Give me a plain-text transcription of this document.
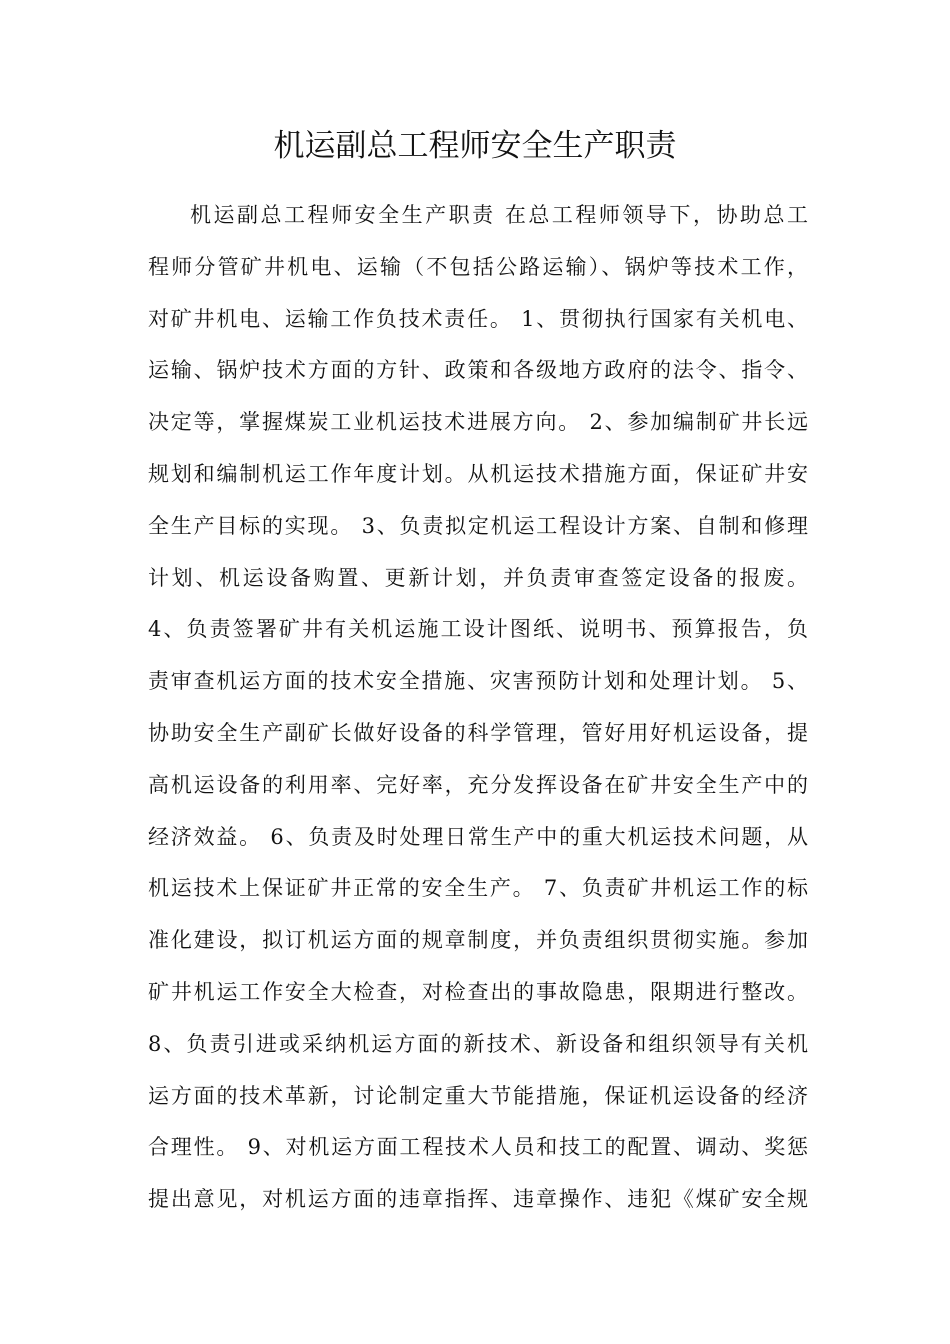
机运副总工程师安全生产职责
机运副总工程师安全生产职责 在总工程师领导下，协助总工
程师分管矿井机电、运输（不包括公路运输）、锅炉等技术工作，
对矿井机电、运输工作负技术责任。 1、贯彻执行国家有关机电、
运输、锅炉技术方面的方针、政策和各级地方政府的法令、指令、
决定等，掌握煤炭工业机运技术进展方向。 2、参加编制矿井长远
规划和编制机运工作年度计划。从机运技术措施方面，保证矿井安
全生产目标的实现。 3、负责拟定机运工程设计方案、自制和修理
计划、机运设备购置、更新计划，并负责审查签定设备的报废。
4、负责签署矿井有关机运施工设计图纸、说明书、预算报告，负
责审查机运方面的技术安全措施、灾害预防计划和处理计划。 5、
协助安全生产副矿长做好设备的科学管理，管好用好机运设备，提
高机运设备的利用率、完好率，充分发挥设备在矿井安全生产中的
经济效益。 6、负责及时处理日常生产中的重大机运技术问题，从
机运技术上保证矿井正常的安全生产。 7、负责矿井机运工作的标
准化建设，拟订机运方面的规章制度，并负责组织贯彻实施。参加
矿井机运工作安全大检查，对检查出的事故隐患，限期进行整改。
8、负责引进或采纳机运方面的新技术、新设备和组织领导有关机
运方面的技术革新，讨论制定重大节能措施，保证机运设备的经济
合理性。 9、对机运方面工程技术人员和技工的配置、调动、奖惩
提出意见，对机运方面的违章指挥、违章操作、违犯《煤矿安全规
